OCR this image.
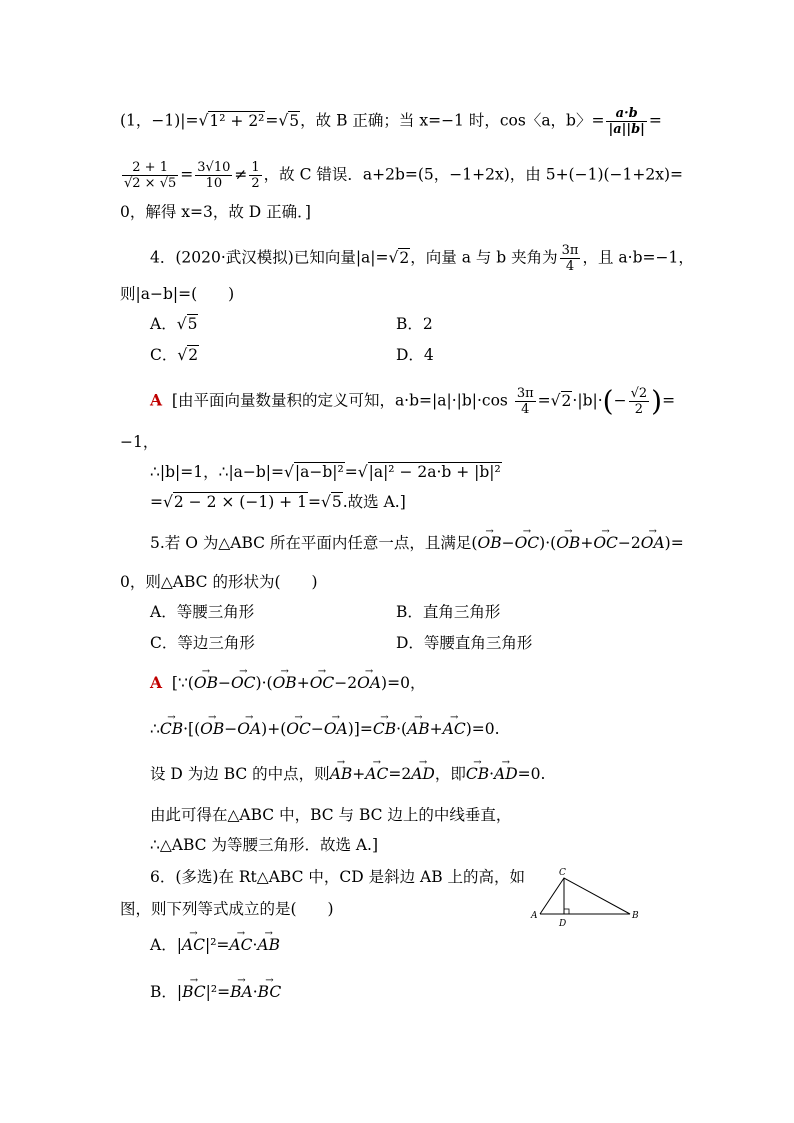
(1，−1)|=√1² + 2²=√5，故 B 正确；当 x=−1 时，cos〈a，b〉= $\frac{a\cdot b}{|a||b|}$ =
$\frac{2 + 1}{√2 \times √5} = \frac{3√10}{10} \ne \frac{1}{2}$ ，故 C 错误．a+2b=(5，−1+2x)，由 5+(−1)(−1+2x)=
0，解得 x=3，故 D 正确．]
4．(2020·武汉模拟)已知向量|a|=√2，向量 a 与 b 夹角为 $\frac{3\pi}{4}$ ，且 a·b=−1，
则|a−b|=(　　)
A．√5	B．2
C．√2	D．4
A [由平面向量数量积的定义可知，$a\cdot b=|a|\cdot|b|\cdot\cos \frac{3\pi}{4} =√2\cdot|b|\cdot(- \frac{√2}{2}$ )=
−1，
∴|b|=1，∴|a−b|=√|a−b|²=√|a|² − 2a·b + |b|²
=√2 − 2 × (−1) + 1=√5.故选 A.]
5.若 O 为△ABC 所在平面内任意一点，且满足(→ OB−→ OC)·(→ OB+→ OC−2→ OA)=
0，则△ABC 的形状为(　　)
A．等腰三角形	B．直角三角形
C．等边三角形	D．等腰直角三角形
A [∵(→ OB−→ OC)·(→ OB+→ OC−2→ OA)=0，
∴→ CB·[(→ OB−→ OA)+(→ OC−→ OA)]=→ CB·(→ AB+→ AC)=0.
设 D 为边 BC 的中点，则→ AB+→ AC=2→ AD，即→ CB·→ AD=0.
由此可得在△ABC 中，BC 与 BC 边上的中线垂直，
∴△ABC 为等腰三角形．故选 A.]
6．(多选)在 Rt△ABC 中，CD 是斜边 AB 上的高，如
图，则下列等式成立的是(　　)
C
A
D
B
A．|→ AC|²=→ AC·→ AB
B．|→ BC|²=→ BA·→ BC
